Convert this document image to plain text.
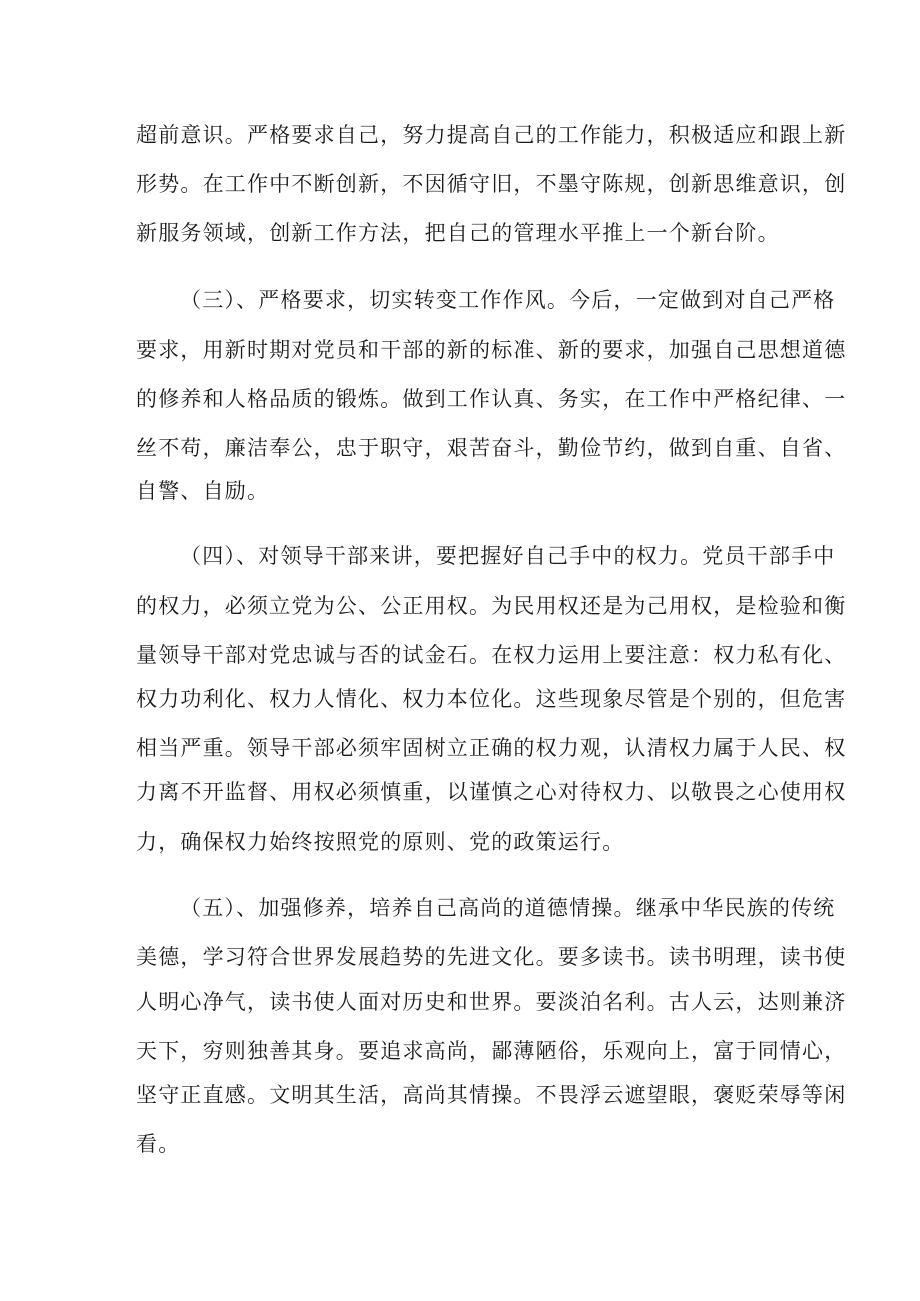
超前意识。严格要求自己，努力提高自己的工作能力，积极适应和跟上新
形势。在工作中不断创新，不因循守旧，不墨守陈规，创新思维意识，创
新服务领域，创新工作方法，把自己的管理水平推上一个新台阶。
（三）、严格要求，切实转变工作作风。今后，一定做到对自己严格
要求，用新时期对党员和干部的新的标准、新的要求，加强自己思想道德
的修养和人格品质的锻炼。做到工作认真、务实，在工作中严格纪律、一
丝不苟，廉洁奉公，忠于职守，艰苦奋斗，勤俭节约，做到自重、自省、
自警、自励。
（四）、对领导干部来讲，要把握好自己手中的权力。党员干部手中
的权力，必须立党为公、公正用权。为民用权还是为己用权，是检验和衡
量领导干部对党忠诚与否的试金石。在权力运用上要注意：权力私有化、
权力功利化、权力人情化、权力本位化。这些现象尽管是个别的，但危害
相当严重。领导干部必须牢固树立正确的权力观，认清权力属于人民、权
力离不开监督、用权必须慎重，以谨慎之心对待权力、以敬畏之心使用权
力，确保权力始终按照党的原则、党的政策运行。
（五）、加强修养，培养自己高尚的道德情操。继承中华民族的传统
美德，学习符合世界发展趋势的先进文化。要多读书。读书明理，读书使
人明心净气，读书使人面对历史和世界。要淡泊名利。古人云，达则兼济
天下，穷则独善其身。要追求高尚，鄙薄陋俗，乐观向上，富于同情心，
坚守正直感。文明其生活，高尚其情操。不畏浮云遮望眼，褒贬荣辱等闲
看。
